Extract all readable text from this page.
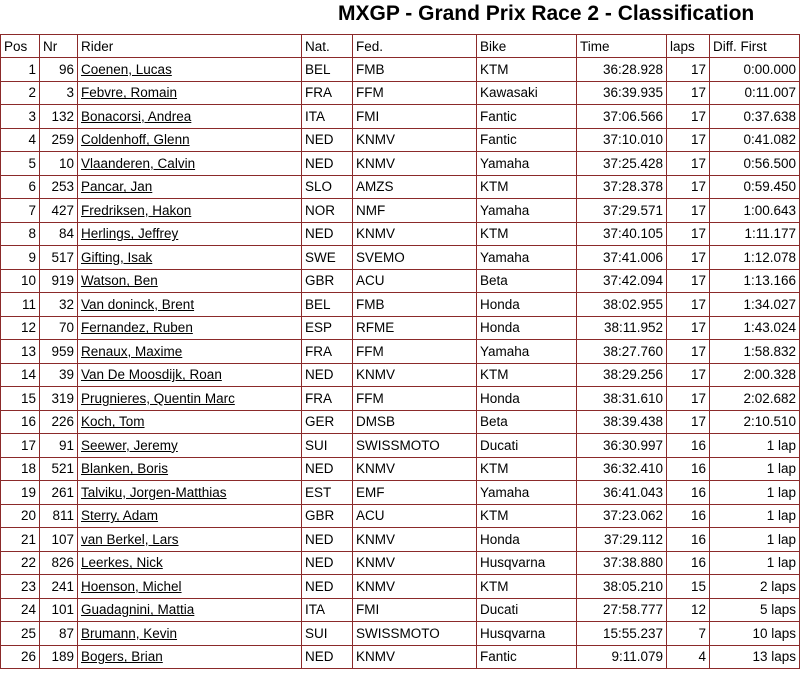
MXGP - Grand Prix Race 2 - Classification
Pos	Nr	Rider	Nat.	Fed.	Bike	Time	laps	Diff. First
1	96	Coenen, Lucas	BEL	FMB	KTM	36:28.928	17	0:00.000
2	3	Febvre, Romain	FRA	FFM	Kawasaki	36:39.935	17	0:11.007
3	132	Bonacorsi, Andrea	ITA	FMI	Fantic	37:06.566	17	0:37.638
4	259	Coldenhoff, Glenn	NED	KNMV	Fantic	37:10.010	17	0:41.082
5	10	Vlaanderen, Calvin	NED	KNMV	Yamaha	37:25.428	17	0:56.500
6	253	Pancar, Jan	SLO	AMZS	KTM	37:28.378	17	0:59.450
7	427	Fredriksen, Hakon	NOR	NMF	Yamaha	37:29.571	17	1:00.643
8	84	Herlings, Jeffrey	NED	KNMV	KTM	37:40.105	17	1:11.177
9	517	Gifting, Isak	SWE	SVEMO	Yamaha	37:41.006	17	1:12.078
10	919	Watson, Ben	GBR	ACU	Beta	37:42.094	17	1:13.166
11	32	Van doninck, Brent	BEL	FMB	Honda	38:02.955	17	1:34.027
12	70	Fernandez, Ruben	ESP	RFME	Honda	38:11.952	17	1:43.024
13	959	Renaux, Maxime	FRA	FFM	Yamaha	38:27.760	17	1:58.832
14	39	Van De Moosdijk, Roan	NED	KNMV	KTM	38:29.256	17	2:00.328
15	319	Prugnieres, Quentin Marc	FRA	FFM	Honda	38:31.610	17	2:02.682
16	226	Koch, Tom	GER	DMSB	Beta	38:39.438	17	2:10.510
17	91	Seewer, Jeremy	SUI	SWISSMOTO	Ducati	36:30.997	16	1 lap
18	521	Blanken, Boris	NED	KNMV	KTM	36:32.410	16	1 lap
19	261	Talviku, Jorgen-Matthias	EST	EMF	Yamaha	36:41.043	16	1 lap
20	811	Sterry, Adam	GBR	ACU	KTM	37:23.062	16	1 lap
21	107	van Berkel, Lars	NED	KNMV	Honda	37:29.112	16	1 lap
22	826	Leerkes, Nick	NED	KNMV	Husqvarna	37:38.880	16	1 lap
23	241	Hoenson, Michel	NED	KNMV	KTM	38:05.210	15	2 laps
24	101	Guadagnini, Mattia	ITA	FMI	Ducati	27:58.777	12	5 laps
25	87	Brumann, Kevin	SUI	SWISSMOTO	Husqvarna	15:55.237	7	10 laps
26	189	Bogers, Brian	NED	KNMV	Fantic	9:11.079	4	13 laps
